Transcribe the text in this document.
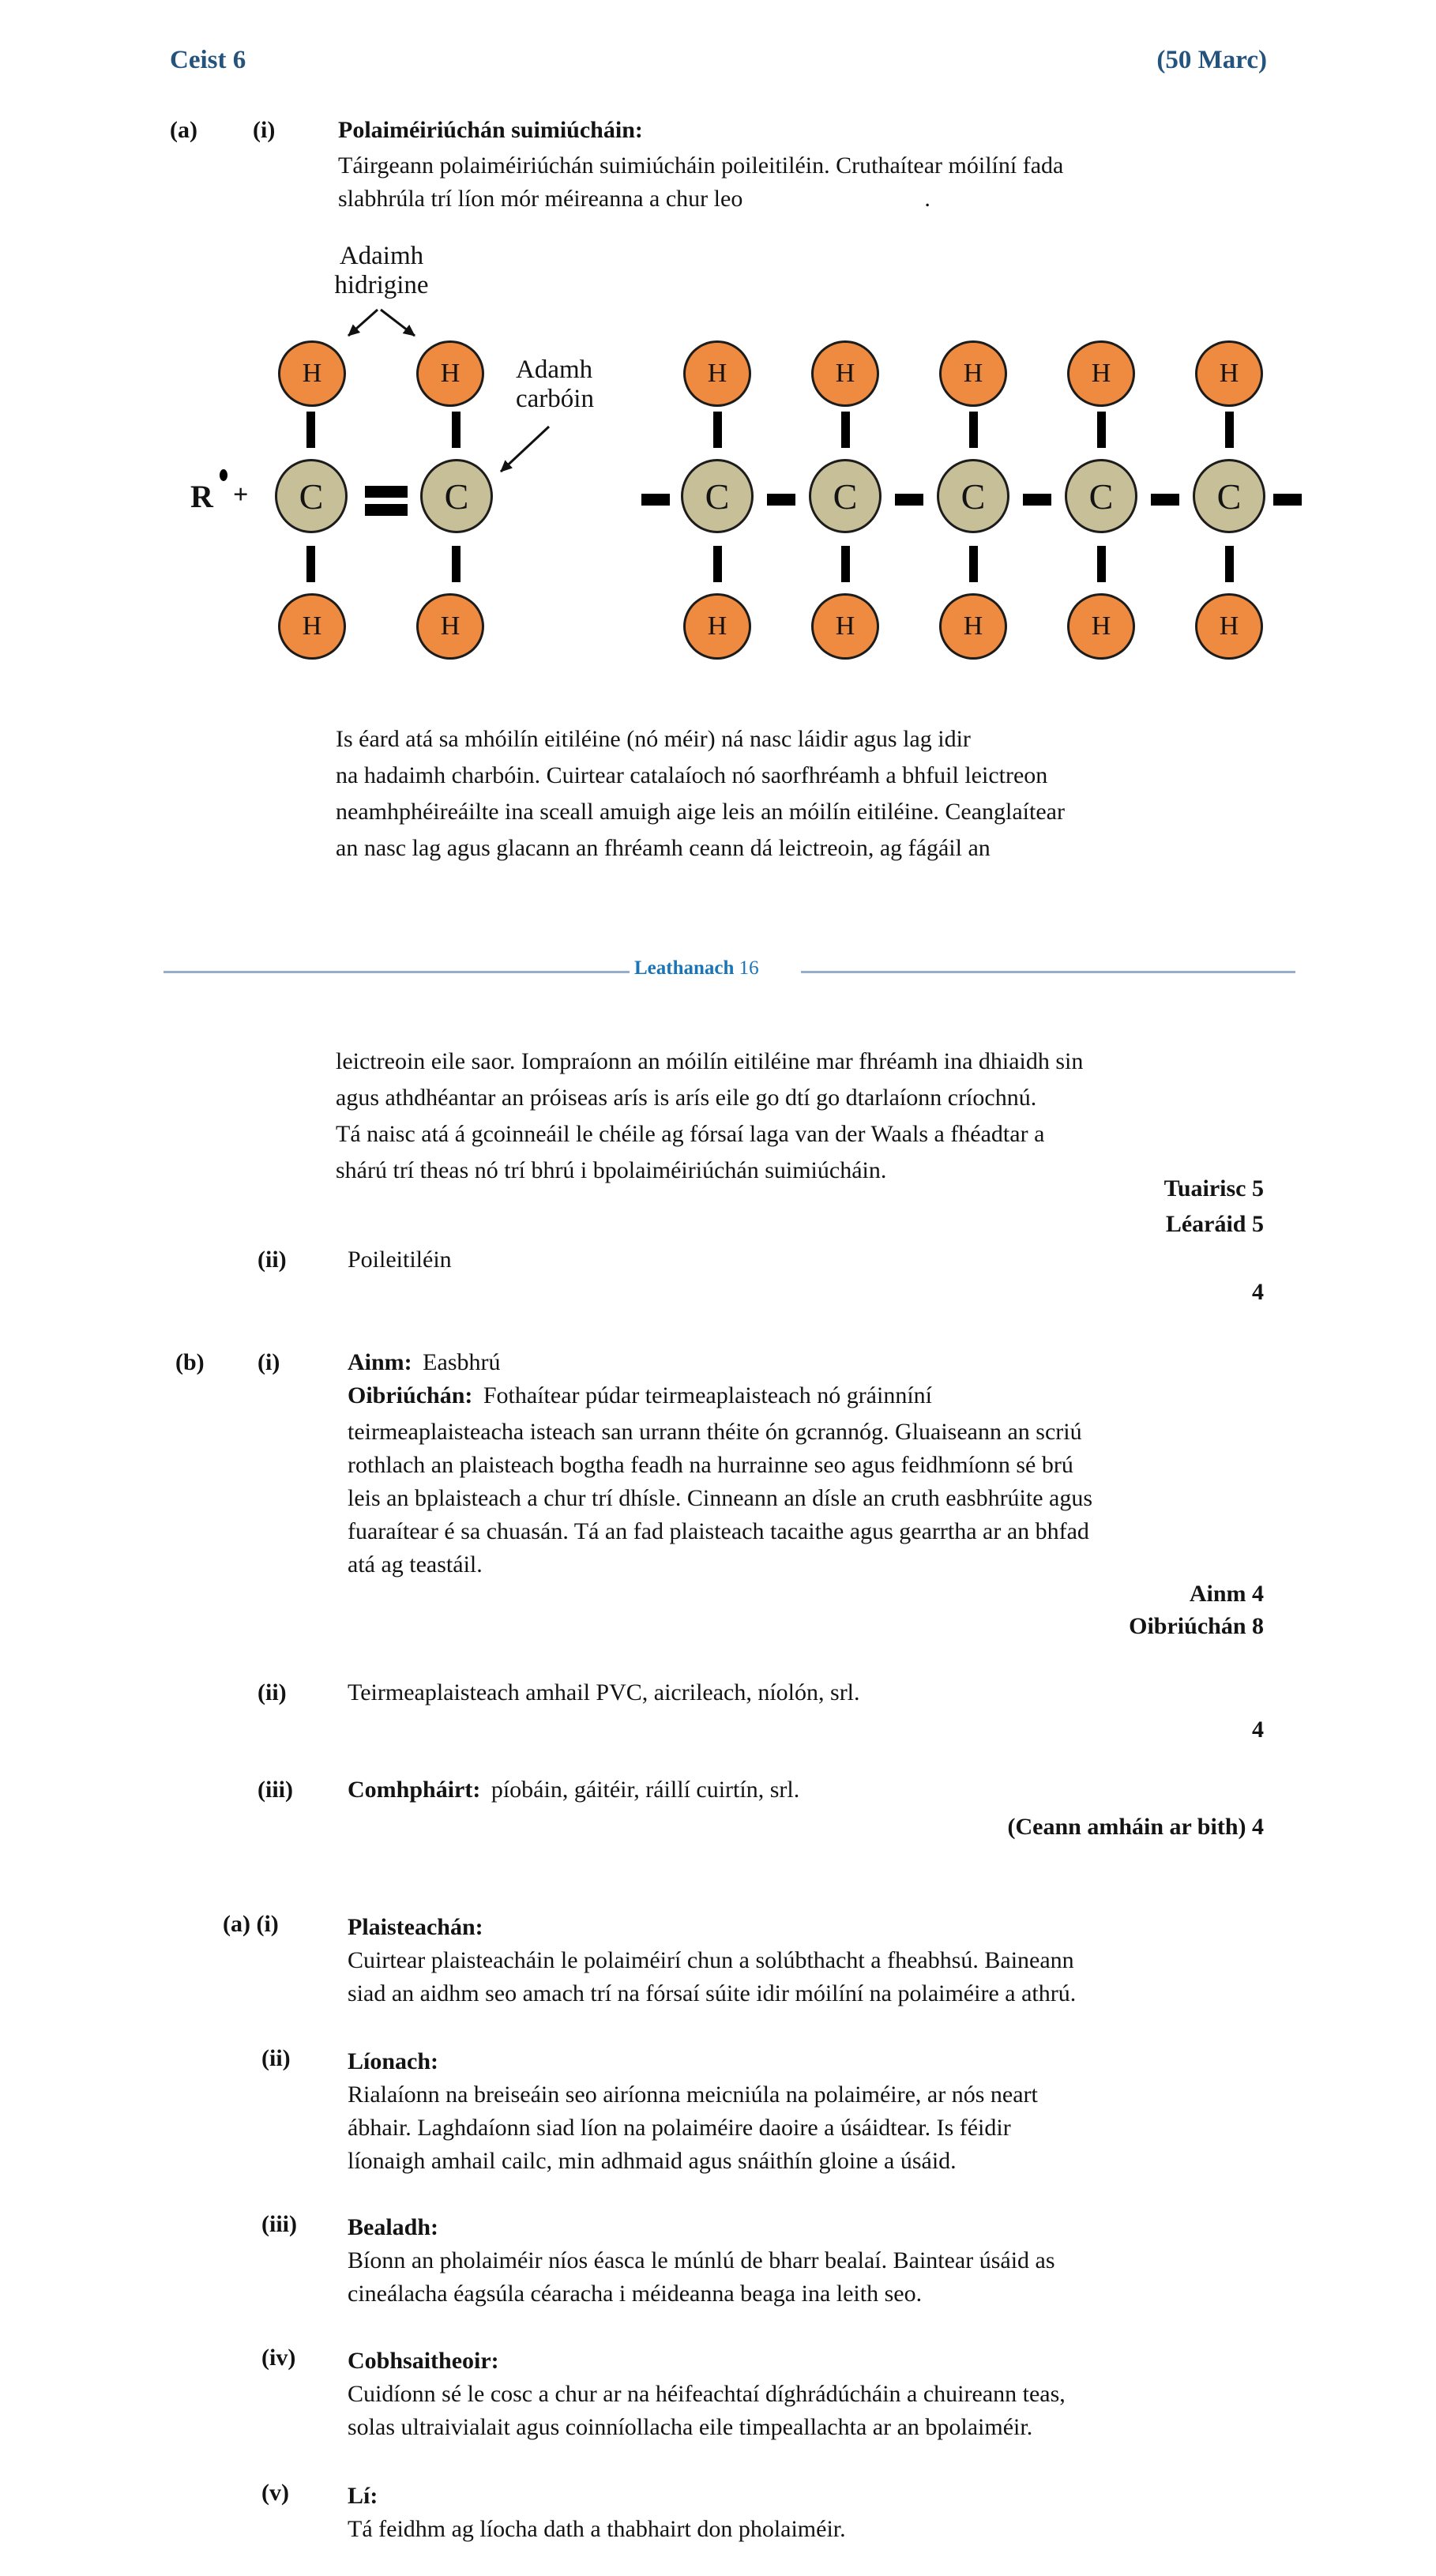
Ceist 6	(50 Marc)
(a) (i)	Polaiméiriúchán suimiúcháin:
Táirgeann polaiméiriúchán suimiúcháin poileitiléin. Cruthaítear móilíní fada
slabhrúla trí líon mór méireanna a chur leo	.
Adaimh
hidrigine
Adamh
carbóin
R +
H	H
H	H
C	C
H	H	H	H	H
C	C	C	C	C
H	H	H	H	H
Is éard atá sa mhóilín eitiléine (nó méir) ná nasc láidir agus lag idir
na hadaimh charbóin. Cuirtear catalaíoch nó saorfhréamh a bhfuil leictreon
neamhphéireáilte ina sceall amuigh aige leis an móilín eitiléine. Ceanglaítear
an nasc lag agus glacann an fhréamh ceann dá leictreoin, ag fágáil an
Leathanach 16
leictreoin eile saor. Iompraíonn an móilín eitiléine mar fhréamh ina dhiaidh sin
agus athdhéantar an próiseas arís is arís eile go dtí go dtarlaíonn críochnú.
Tá naisc atá á gcoinneáil le chéile ag fórsaí laga van der Waals a fhéadtar a
shárú trí theas nó trí bhrú i bpolaiméiriúchán suimiúcháin.
Tuairisc 5
Léaráid 5
(ii)	Poileitiléin
4
(b) (i)	Ainm: Easbhrú
Oibriúchán: Fothaítear púdar teirmeaplaisteach nó gráinníní
teirmeaplaisteacha isteach san urrann théite ón gcrannóg. Gluaiseann an scriú
rothlach an plaisteach bogtha feadh na hurrainne seo agus feidhmíonn sé brú
leis an bplaisteach a chur trí dhísle. Cinneann an dísle an cruth easbhrúite agus
fuaraítear é sa chuasán. Tá an fad plaisteach tacaithe agus gearrtha ar an bhfad
atá ag teastáil.
Ainm 4
Oibriúchán 8
(ii)	Teirmeaplaisteach amhail PVC, aicrileach, níolón, srl.
4
(iii) Comhpháirt: píobáin, gáitéir, ráillí cuirtín, srl.
(Ceann amháin ar bith) 4
(a) (i)	Plaisteachán:
Cuirtear plaisteacháin le polaiméirí chun a solúbthacht a fheabhsú. Baineann
siad an aidhm seo amach trí na fórsaí súite idir móilíní na polaiméire a athrú.
(ii) Líonach:
Rialaíonn na breiseáin seo airíonna meicniúla na polaiméire, ar nós neart
ábhair. Laghdaíonn siad líon na polaiméire daoire a úsáidtear. Is féidir
líonaigh amhail cailc, min adhmaid agus snáithín gloine a úsáid.
(iii) Bealadh:
Bíonn an pholaiméir níos éasca le múnlú de bharr bealaí. Baintear úsáid as
cineálacha éagsúla céaracha i méideanna beaga ina leith seo.
(iv) Cobhsaitheoir:
Cuidíonn sé le cosc a chur ar na héifeachtaí díghrádúcháin a chuireann teas,
solas ultraivialait agus coinníollacha eile timpeallachta ar an bpolaiméir.
(v) Lí:
Tá feidhm ag líocha dath a thabhairt don pholaiméir.
